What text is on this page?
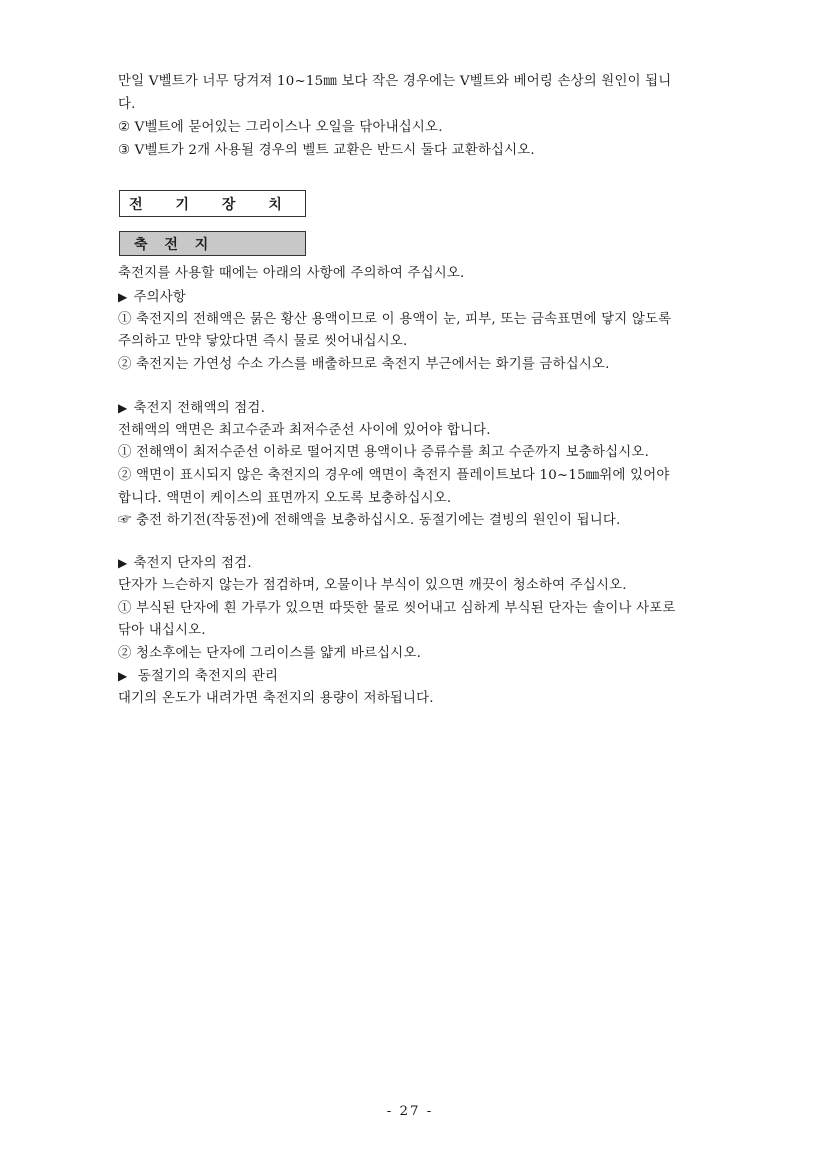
만일 V벨트가 너무 당겨져 10~15㎜ 보다 작은 경우에는 V벨트와 베어링 손상의 원인이 됩니
다.
② V벨트에 묻어있는 그리이스나 오일을 닦아내십시오.
③ V벨트가 2개 사용될 경우의 벨트 교환은 반드시 둘다 교환하십시오.
전 기 장 치
축 전 지
축전지를 사용할 때에는 아래의 사항에 주의하여 주십시오.
▶ 주의사항
① 축전지의 전해액은 묽은 황산 용액이므로 이 용액이 눈, 피부, 또는 금속표면에 닿지 않도록
주의하고 만약 닿았다면 즉시 물로 씻어내십시오.
② 축전지는 가연성 수소 가스를 배출하므로 축전지 부근에서는 화기를 금하십시오.
▶ 축전지 전해액의 점검.
전해액의 액면은 최고수준과 최저수준선 사이에 있어야 합니다.
① 전해액이 최저수준선 이하로 떨어지면 용액이나 증류수를 최고 수준까지 보충하십시오.
② 액면이 표시되지 않은 축전지의 경우에 액면이 축전지 플레이트보다 10~15㎜위에 있어야
합니다. 액면이 케이스의 표면까지 오도록 보충하십시오.
☞ 충전 하기전(작동전)에 전해액을 보충하십시오. 동절기에는 결빙의 원인이 됩니다.
▶ 축전지 단자의 점검.
단자가 느슨하지 않는가 점검하며, 오물이나 부식이 있으면 깨끗이 청소하여 주십시오.
① 부식된 단자에 흰 가루가 있으면 따뜻한 물로 씻어내고 심하게 부식된 단자는 솔이나 사포로
닦아 내십시오.
② 청소후에는 단자에 그리이스를 얇게 바르십시오.
▶ 동절기의 축전지의 관리
대기의 온도가 내려가면 축전지의 용량이 저하됩니다.
- 27 -
